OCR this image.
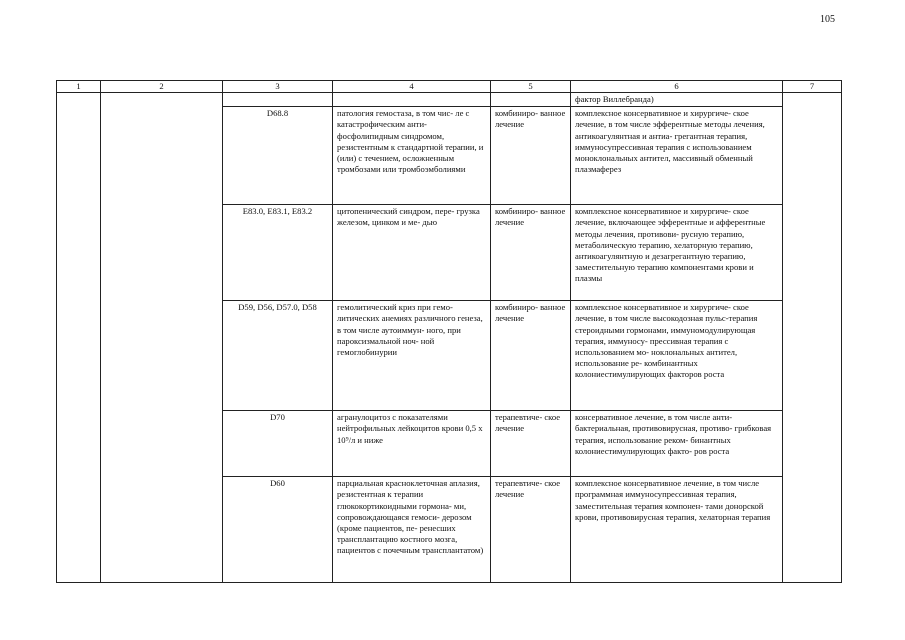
105
1	2	3	4	5	6	7
					фактор Виллебранда)	
		D68.8	патология гемостаза, в том чис- ле с катастрофическим анти- фосфолипидным синдромом, резистентным к стандартной терапии, и (или) с течением, осложненным тромбозами или тромбоэмболиями	комбиниро- ванное лечение	комплексное консервативное и хирургиче- ское лечение, в том числе эфферентные методы лечения, антикоагулянтная и антиа- грегантная терапия, иммуносупрессивная терапия с использованием моноклональных антител, массивный обменный плазмаферез	
		E83.0, E83.1, E83.2	цитопенический синдром, пере- грузка железом, цинком и ме- дью	комбиниро- ванное лечение	комплексное консервативное и хирургиче- ское лечение, включающее эфферентные и афферентные методы лечения, противови- русную терапию, метаболическую терапию, хелаторную терапию, антикоагулянтную и дезагрегантную терапию, заместительную терапию компонентами крови и плазмы	
		D59, D56, D57.0, D58	гемолитический криз при гемо- литических анемиях различного генеза, в том числе аутоиммун- ного, при пароксизмальной ноч- ной гемоглобинурии	комбиниро- ванное лечение	комплексное консервативное и хирургиче- ское лечение, в том числе высокодозная пульс-терапия стероидными гормонами, иммуномодулирующая терапия, иммуносу- прессивная терапия с использованием мо- ноклональных антител, использование ре- комбинантных колониестимулирующих факторов роста	
		D70	агранулоцитоз с показателями нейтрофильных лейкоцитов крови 0,5 x 10⁹/л и ниже	терапевтиче- ское лечение	консервативное лечение, в том числе анти- бактериальная, противовирусная, противо- грибковая терапия, использование реком- бинантных колониестимулирующих факто- ров роста	
		D60	парциальная красноклеточная аплазия, резистентная к терапии глюкокортикоидными гормона- ми, сопровождающаяся гемоси- дерозом (кроме пациентов, пе- ренесших трансплантацию костного мозга, пациентов с почечным трансплантатом)	терапевтиче- ское лечение	комплексное консервативное лечение, в том числе программная иммуносупрессивная терапия, заместительная терапия компонен- тами донорской крови, противовирусная терапия, хелаторная терапия	
